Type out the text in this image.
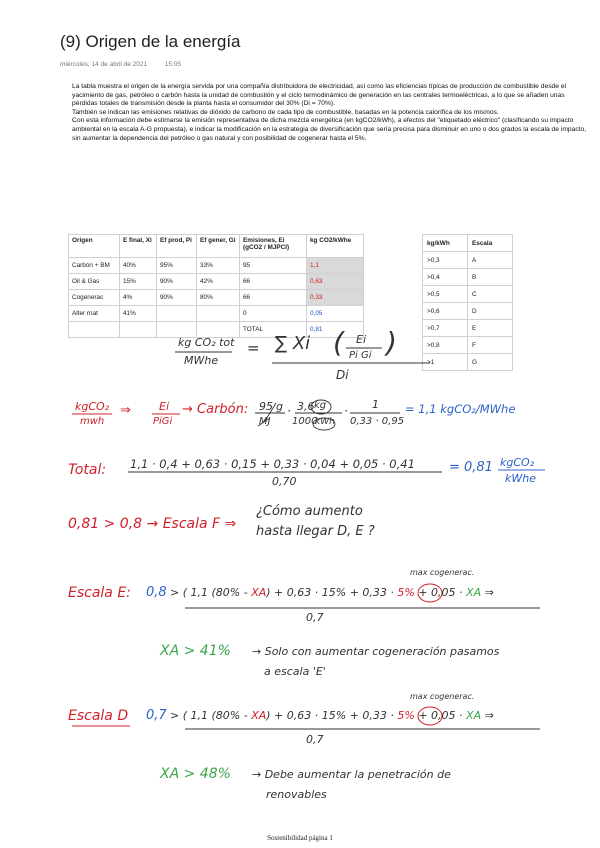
(9) Origen de la energía
miércoles, 14 de abril de 2021	15:05

La tabla muestra el origen de la energía servida por una compañía distribuidora de electricidad, así como las eficiencias típicas de producción de combustible desde el yacimiento de gas, petróleo o carbón hasta la unidad de combustión y el ciclo termodinámico de generación en las centrales termoeléctricas, a lo que se añaden unas pérdidas totales de transmisión desde la planta hasta el consumidor del 30% (Di = 70%).

También se indican las emisiones relativas de dióxido de carbono de cada tipo de combustible, basadas en la potencia calorífica de los mismos.

Con esta información debe estimarse la emisión representativa de dicha mezcla energética (en kgCO2/kWh), a efectos del "etiquetado eléctrico" (clasificando su impacto ambiental en la escala A-G propuesta), e indicar la modificación en la estrategia de diversificación que sería precisa para disminuir en uno o dos grados la escala de impacto, sin aumentar la dependencia del petróleo o gas natural y con posibilidad de cogenerar hasta el 5%.

Origen	E final, Xi	Ef prod, Pi	Ef gener, Gi	Emisiones, Ei (gCO2 / MJPCI)	kg CO2/kWhe
Carbón + BM	40%	95%	33%	95	1,1
Oil & Gas	15%	90%	42%	66	0,63
Cogenerac	4%	90%	80%	66	0,33
Alter rnat	41%			0	0,05
				TOTAL	0,81
kg/kWh	Escala
>0,3	A
>0,4	B
>0,5	C
>0,6	D
>0,7	E
>0,8	F
>1	G
kg CO₂ tot
MWhe
= ∑ Xi ( Ei
Pi Gi )
Di
kgCO₂
mwh
⇒	Ei
PiGi
→ Carbón: 95 g
MJ
· 3,6 kg
1000
kWh
· 1
0,33 · 0,95
= 1,1 kgCO₂/MWhe
Total: 1,1 · 0,4 + 0,63 · 0,15 + 0,33 · 0,04 + 0,05 · 0,41
0,70
= 0,81 kgCO₂
kWhe
0,81 > 0,8 → Escala F ⇒
¿Cómo aumento
hasta llegar D, E ?
max cogenerac.
Escala E: 0,8 > ( 1,1 (80% - XA) + 0,63 · 15% + 0,33 · 5% + 0,05 · XA ⇒
0,7
XA > 41% → Solo con aumentar cogeneración pasamos
a escala 'E'
max cogenerac.
Escala D 0,7 > ( 1,1 (80% - XA) + 0,63 · 15% + 0,33 · 5% + 0,05 · XA ⇒
0,7
XA > 48% → Debe aumentar la penetración de
renovables
Sostenibilidad página 1
